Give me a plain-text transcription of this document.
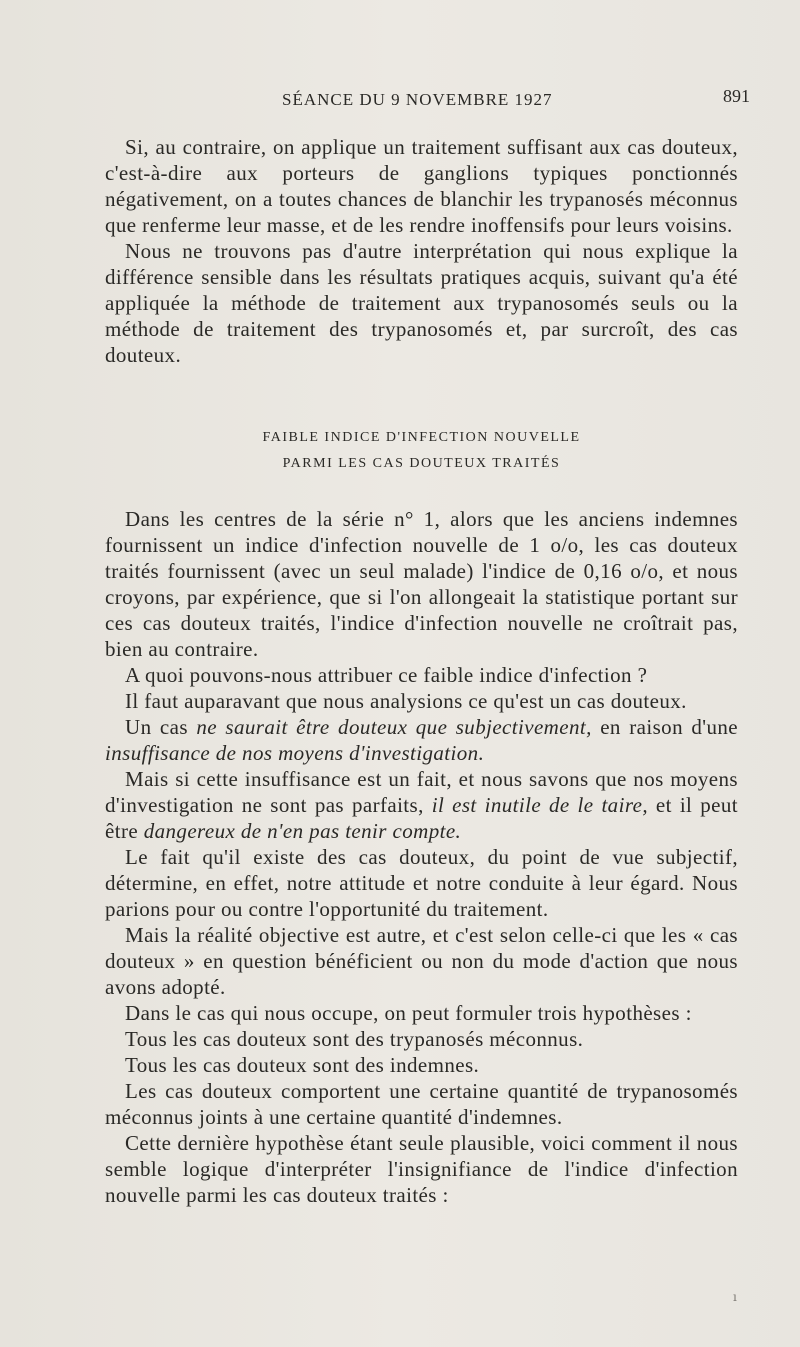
SÉANCE DU 9 NOVEMBRE 1927	891

Si, au contraire, on applique un traitement suffisant aux cas douteux, c'est-à-dire aux porteurs de ganglions typiques ponctionnés négativement, on a toutes chances de blanchir les trypanosés méconnus que renferme leur masse, et de les rendre inoffensifs pour leurs voisins.

Nous ne trouvons pas d'autre interprétation qui nous explique la différence sensible dans les résultats pratiques acquis, suivant qu'a été appliquée la méthode de traitement aux trypanosomés seuls ou la méthode de traitement des trypanosomés et, par surcroît, des cas douteux.

FAIBLE INDICE D'INFECTION NOUVELLE
PARMI LES CAS DOUTEUX TRAITÉS

Dans les centres de la série n° 1, alors que les anciens indemnes fournissent un indice d'infection nouvelle de 1 o/o, les cas douteux traités fournissent (avec un seul malade) l'indice de 0,16 o/o, et nous croyons, par expérience, que si l'on allongeait la statistique portant sur ces cas douteux traités, l'indice d'infection nouvelle ne croîtrait pas, bien au contraire.

A quoi pouvons-nous attribuer ce faible indice d'infection ?

Il faut auparavant que nous analysions ce qu'est un cas douteux.

Un cas ne saurait être douteux que subjectivement, en raison d'une insuffisance de nos moyens d'investigation.

Mais si cette insuffisance est un fait, et nous savons que nos moyens d'investigation ne sont pas parfaits, il est inutile de le taire, et il peut être dangereux de n'en pas tenir compte.

Le fait qu'il existe des cas douteux, du point de vue subjectif, détermine, en effet, notre attitude et notre conduite à leur égard. Nous parions pour ou contre l'opportunité du traitement.

Mais la réalité objective est autre, et c'est selon celle-ci que les « cas douteux » en question bénéficient ou non du mode d'action que nous avons adopté.

Dans le cas qui nous occupe, on peut formuler trois hypothèses :

Tous les cas douteux sont des trypanosés méconnus.

Tous les cas douteux sont des indemnes.

Les cas douteux comportent une certaine quantité de trypanosomés méconnus joints à une certaine quantité d'indemnes.

Cette dernière hypothèse étant seule plausible, voici comment il nous semble logique d'interpréter l'insignifiance de l'indice d'infection nouvelle parmi les cas douteux traités :

ı
